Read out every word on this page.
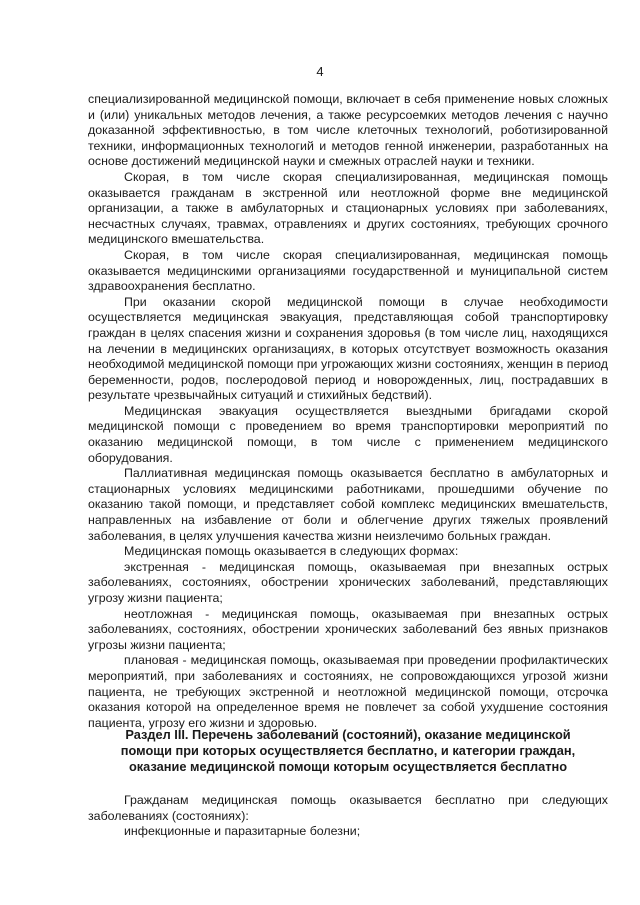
4

специализированной медицинской помощи, включает в себя применение новых сложных и (или) уникальных методов лечения, а также ресурсоемких методов лечения с научно доказанной эффективностью, в том числе клеточных технологий, роботизированной техники, информационных технологий и методов генной инженерии, разработанных на основе достижений медицинской науки и смежных отраслей науки и техники.

Скорая, в том числе скорая специализированная, медицинская помощь оказывается гражданам в экстренной или неотложной форме вне медицинской организации, а также в амбулаторных и стационарных условиях при заболеваниях, несчастных случаях, травмах, отравлениях и других состояниях, требующих срочного медицинского вмешательства.

Скорая, в том числе скорая специализированная, медицинская помощь оказывается медицинскими организациями государственной и муниципальной систем здравоохранения бесплатно.

При оказании скорой медицинской помощи в случае необходимости осуществляется медицинская эвакуация, представляющая собой транспортировку граждан в целях спасения жизни и сохранения здоровья (в том числе лиц, находящихся на лечении в медицинских организациях, в которых отсутствует возможность оказания необходимой медицинской помощи при угрожающих жизни состояниях, женщин в период беременности, родов, послеродовой период и новорожденных, лиц, пострадавших в результате чрезвычайных ситуаций и стихийных бедствий).

Медицинская эвакуация осуществляется выездными бригадами скорой медицинской помощи с проведением во время транспортировки мероприятий по оказанию медицинской помощи, в том числе с применением медицинского оборудования.

Паллиативная медицинская помощь оказывается бесплатно в амбулаторных и стационарных условиях медицинскими работниками, прошедшими обучение по оказанию такой помощи, и представляет собой комплекс медицинских вмешательств, направленных на избавление от боли и облегчение других тяжелых проявлений заболевания, в целях улучшения качества жизни неизлечимо больных граждан.

Медицинская помощь оказывается в следующих формах:

экстренная - медицинская помощь, оказываемая при внезапных острых заболеваниях, состояниях, обострении хронических заболеваний, представляющих угрозу жизни пациента;

неотложная - медицинская помощь, оказываемая при внезапных острых заболеваниях, состояниях, обострении хронических заболеваний без явных признаков угрозы жизни пациента;

плановая - медицинская помощь, оказываемая при проведении профилактических мероприятий, при заболеваниях и состояниях, не сопровождающихся угрозой жизни пациента, не требующих экстренной и неотложной медицинской помощи, отсрочка оказания которой на определенное время не повлечет за собой ухудшение состояния пациента, угрозу его жизни и здоровью.

Раздел III. Перечень заболеваний (состояний), оказание медицинской
помощи при которых осуществляется бесплатно, и категории граждан,
оказание медицинской помощи которым осуществляется бесплатно

Гражданам медицинская помощь оказывается бесплатно при следующих заболеваниях (состояниях):

инфекционные и паразитарные болезни;
